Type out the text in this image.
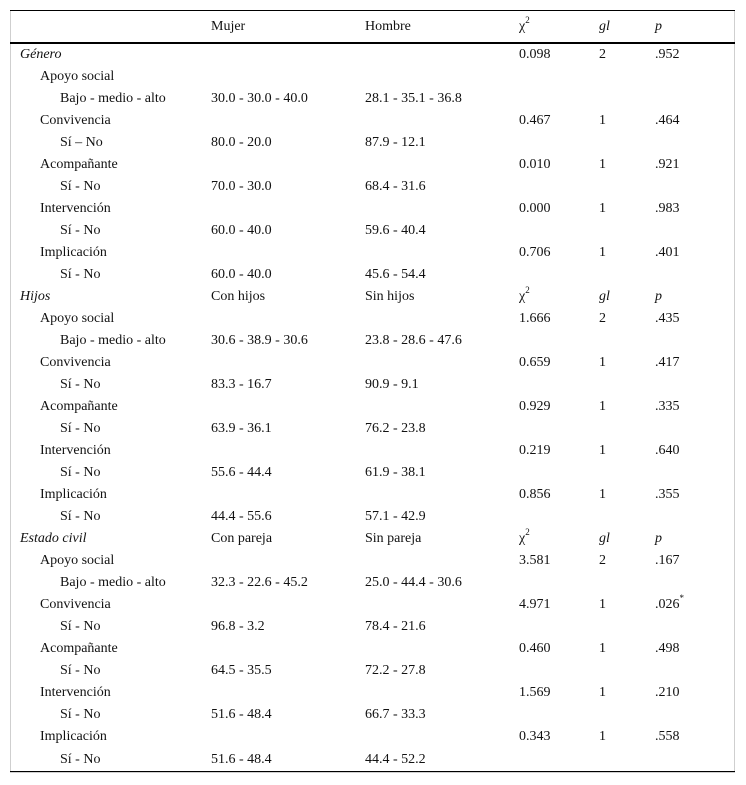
	Mujer	Hombre	$\chi^2$	gl	p
Género			0.098	2	.952
Apoyo social					
Bajo - medio - alto	30.0 - 30.0 - 40.0	28.1 - 35.1 - 36.8			
Convivencia			0.467	1	.464
Sí – No	80.0 - 20.0	87.9 - 12.1			
Acompañante			0.010	1	.921
Sí - No	70.0 - 30.0	68.4 - 31.6			
Intervención			0.000	1	.983
Sí - No	60.0 - 40.0	59.6 - 40.4			
Implicación			0.706	1	.401
Sí - No	60.0 - 40.0	45.6 - 54.4			
Hijos	Con hijos	Sin hijos	$\chi^2$	gl	p
Apoyo social			1.666	2	.435
Bajo - medio - alto	30.6 - 38.9 - 30.6	23.8 - 28.6 - 47.6			
Convivencia			0.659	1	.417
Sí - No	83.3 - 16.7	90.9 - 9.1			
Acompañante			0.929	1	.335
Sí - No	63.9 - 36.1	76.2 - 23.8			
Intervención			0.219	1	.640
Sí - No	55.6 - 44.4	61.9 - 38.1			
Implicación			0.856	1	.355
Sí - No	44.4 - 55.6	57.1 - 42.9			
Estado civil	Con pareja	Sin pareja	$\chi^2$	gl	p
Apoyo social			3.581	2	.167
Bajo - medio - alto	32.3 - 22.6 - 45.2	25.0 - 44.4 - 30.6			
Convivencia			4.971	1	.026*
Sí - No	96.8 - 3.2	78.4 - 21.6			
Acompañante			0.460	1	.498
Sí - No	64.5 - 35.5	72.2 - 27.8			
Intervención			1.569	1	.210
Sí - No	51.6 - 48.4	66.7 - 33.3			
Implicación			0.343	1	.558
Sí - No	51.6 - 48.4	44.4 - 52.2			
